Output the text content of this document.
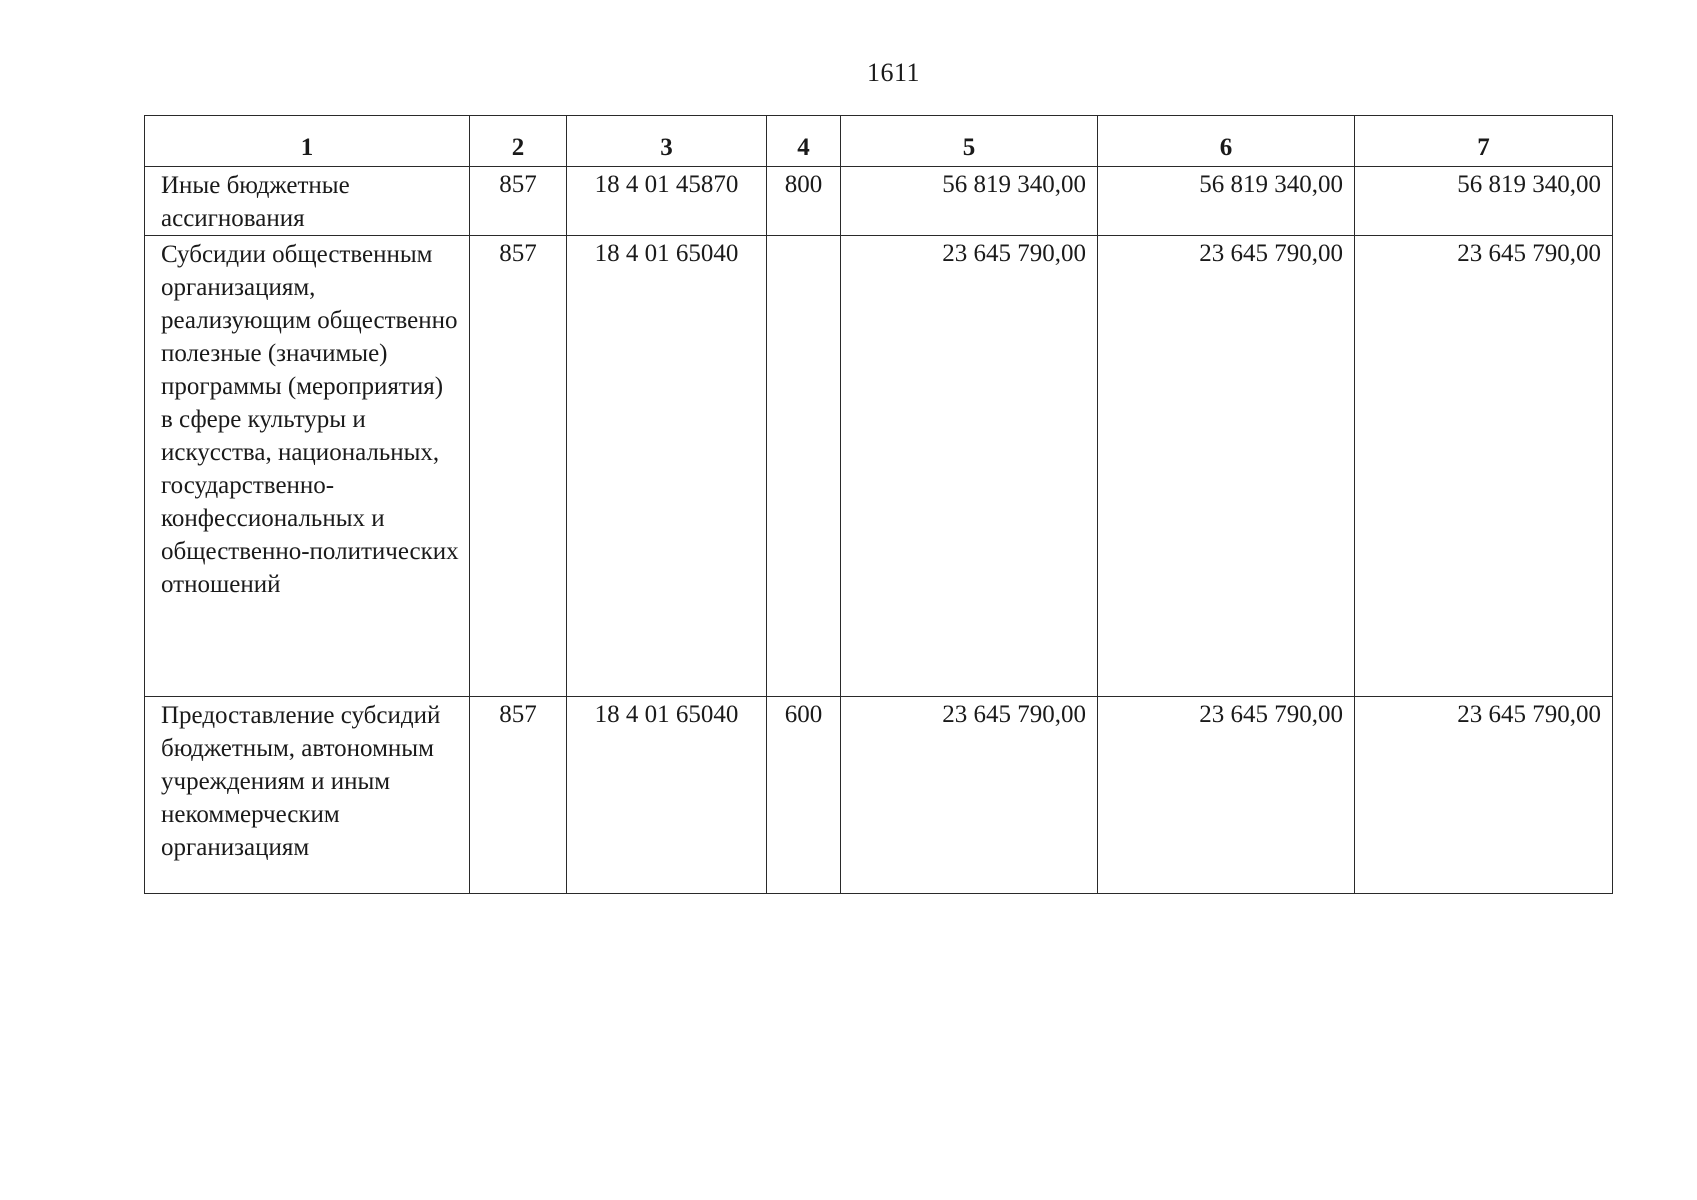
1611
1	2	3	4	5	6	7
Иные бюджетные ассигнования	857	18 4 01 45870	800	56 819 340,00	56 819 340,00	56 819 340,00
Субсидии общественным организациям, реализующим общественно полезные (значимые) программы (мероприятия) в сфере культуры и искусства, национальных, государственно-конфессиональных и общественно-политических отношений	857	18 4 01 65040		23 645 790,00	23 645 790,00	23 645 790,00
Предоставление субсидий бюджетным, автономным учреждениям и иным некоммерческим организациям	857	18 4 01 65040	600	23 645 790,00	23 645 790,00	23 645 790,00
